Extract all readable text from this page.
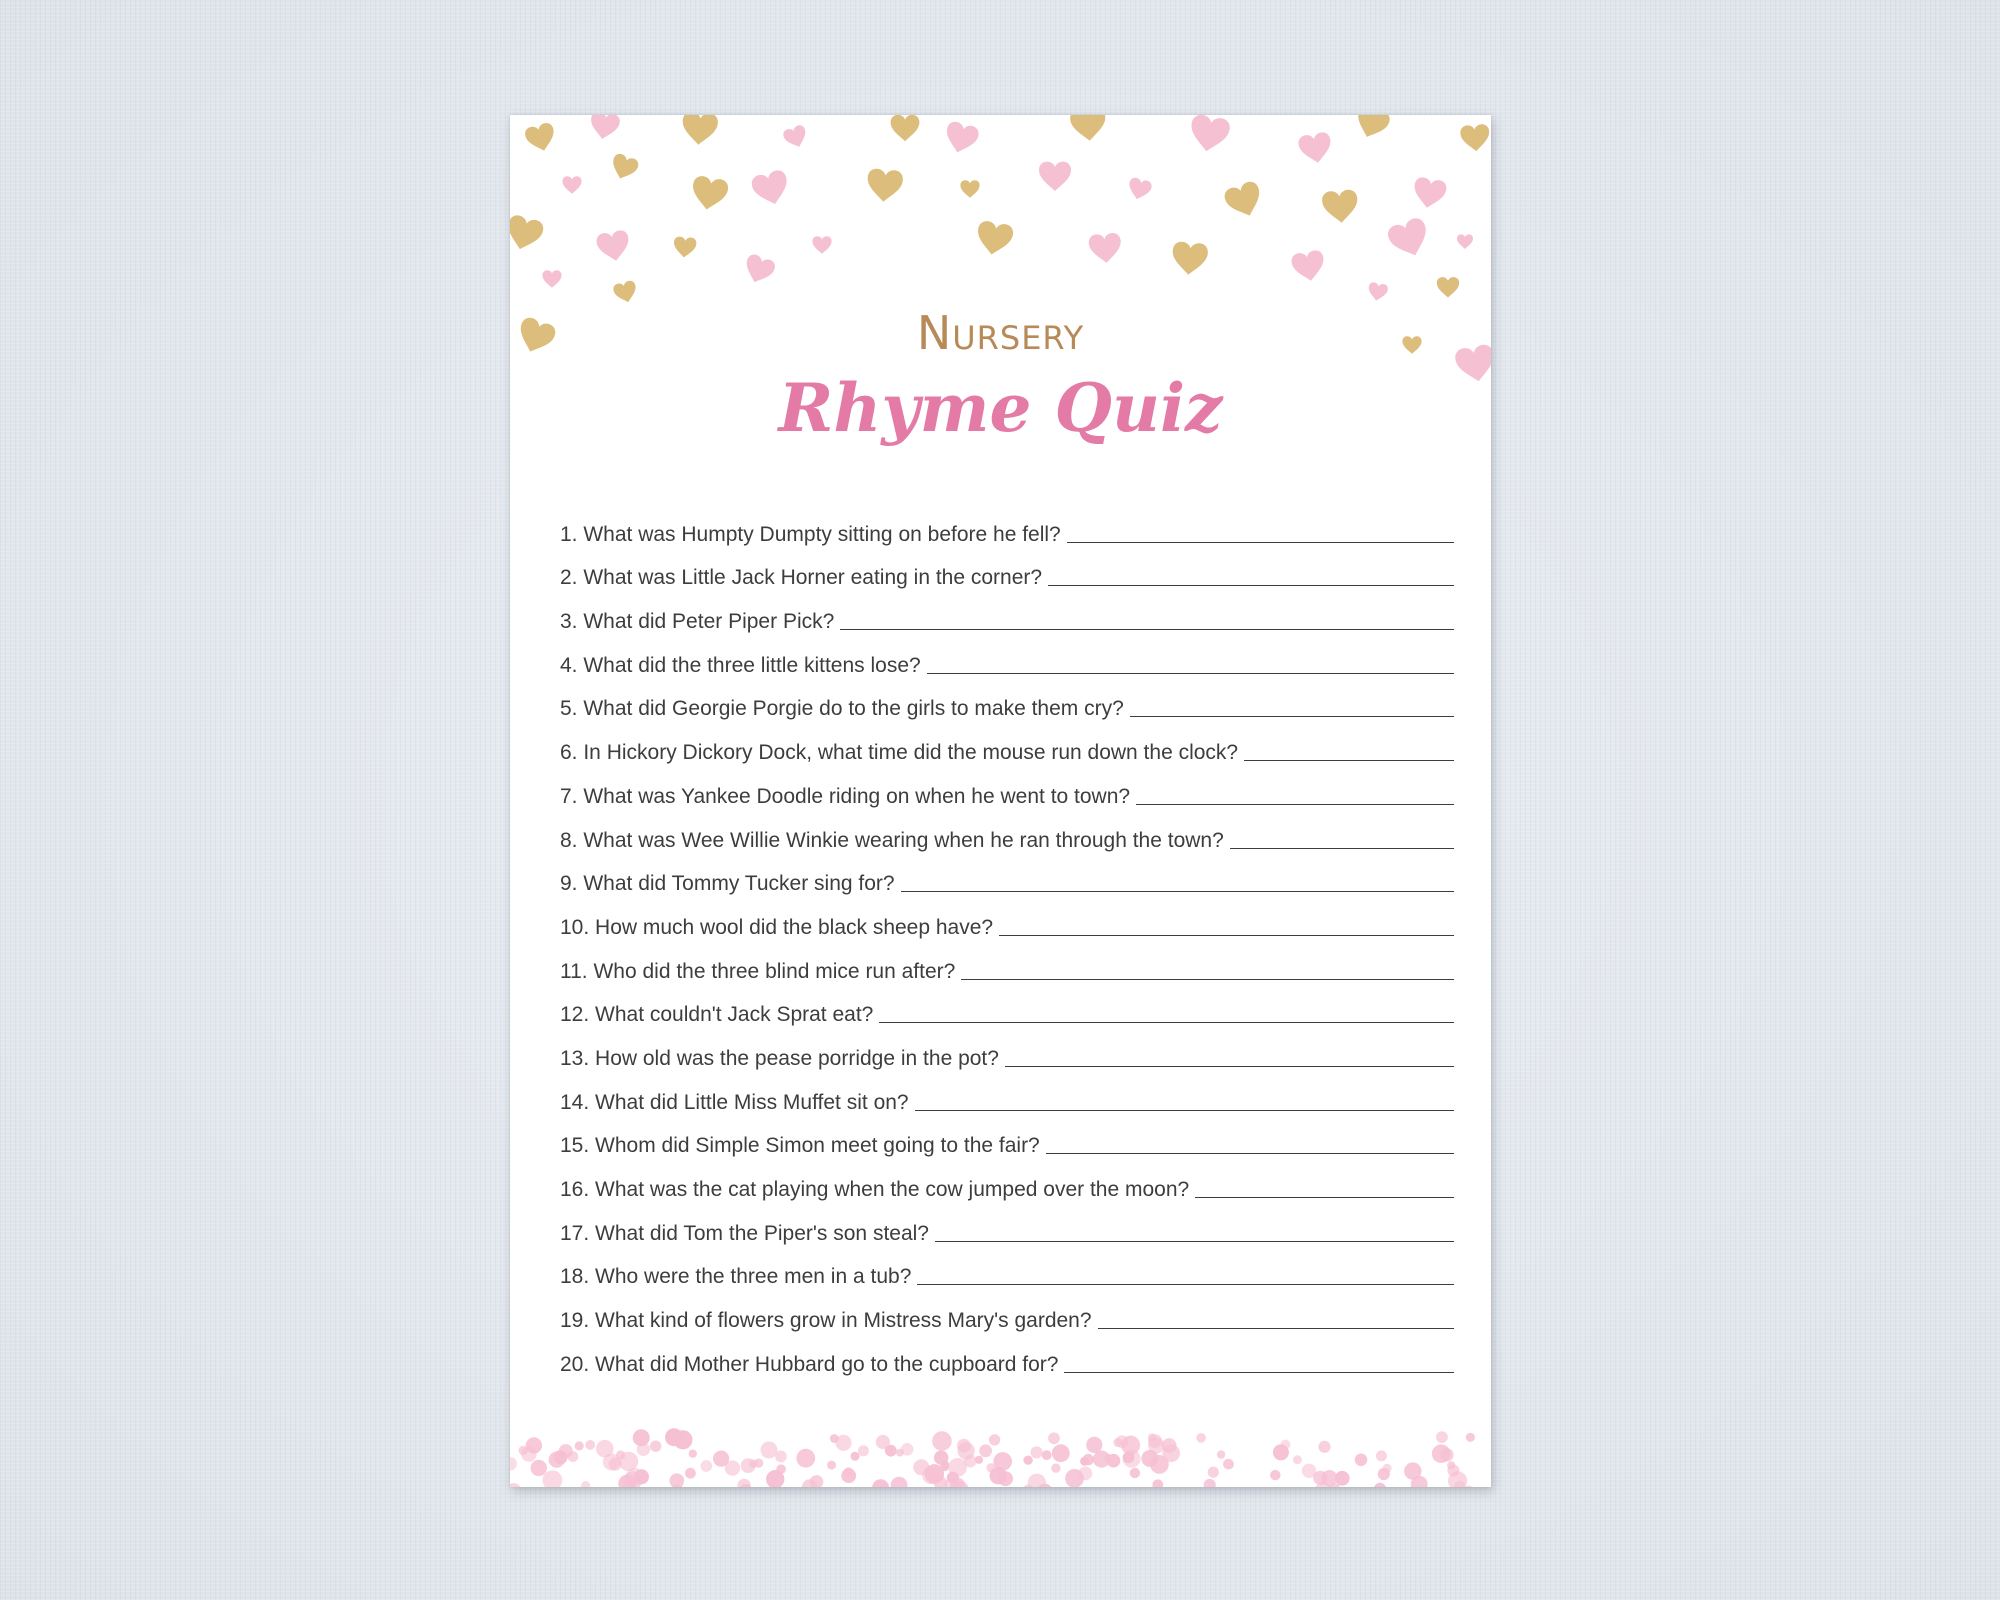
Nursery
Rhyme Quiz
1. What was Humpty Dumpty sitting on before he fell?
2. What was Little Jack Horner eating in the corner?
3. What did Peter Piper Pick?
4. What did the three little kittens lose?
5. What did Georgie Porgie do to the girls to make them cry?
6. In Hickory Dickory Dock, what time did the mouse run down the clock?
7. What was Yankee Doodle riding on when he went to town?
8. What was Wee Willie Winkie wearing when he ran through the town?
9. What did Tommy Tucker sing for?
10. How much wool did the black sheep have?
11. Who did the three blind mice run after?
12. What couldn't Jack Sprat eat?
13. How old was the pease porridge in the pot?
14. What did Little Miss Muffet sit on?
15. Whom did Simple Simon meet going to the fair?
16. What was the cat playing when the cow jumped over the moon?
17. What did Tom the Piper's son steal?
18. Who were the three men in a tub?
19. What kind of flowers grow in Mistress Mary's garden?
20. What did Mother Hubbard go to the cupboard for?
